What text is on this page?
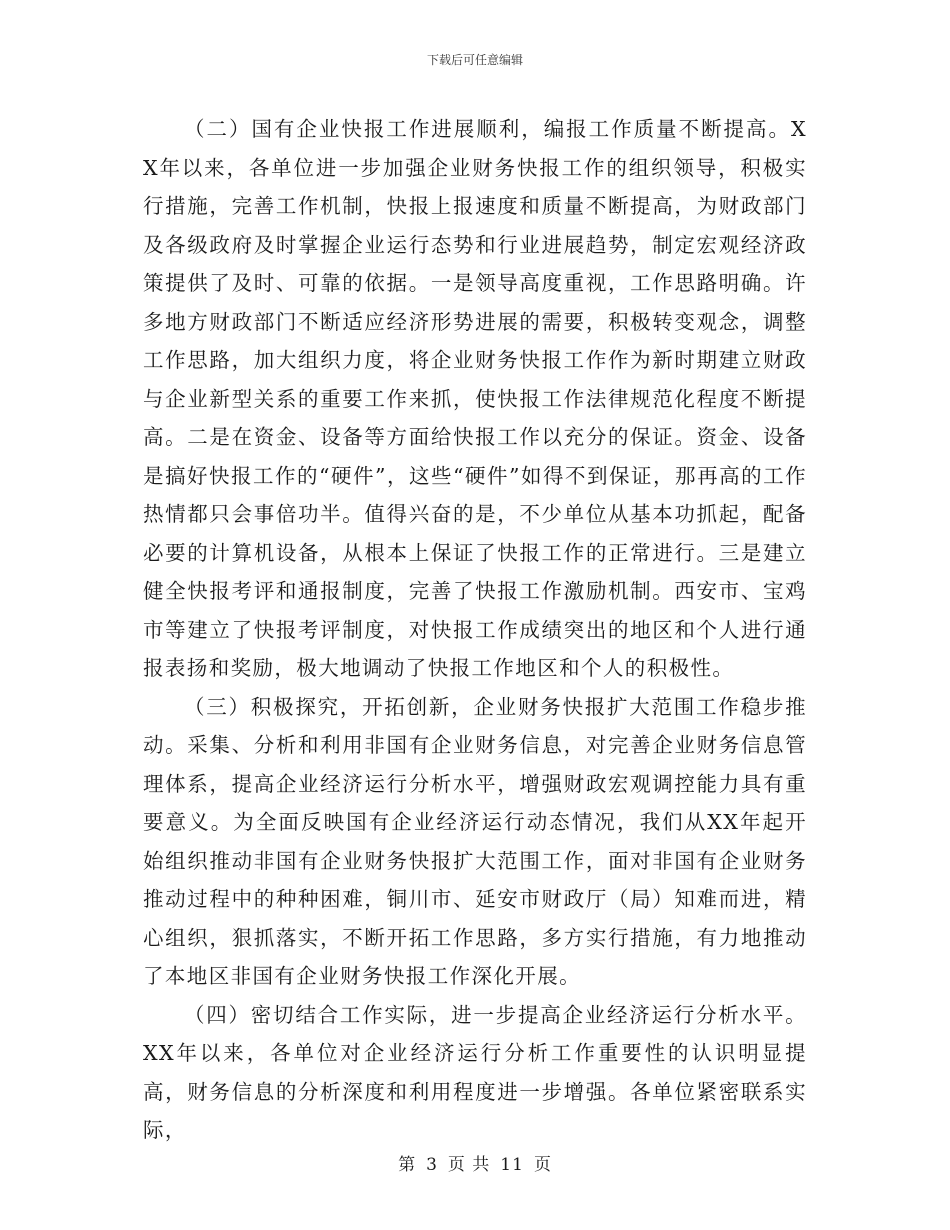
下载后可任意编辑

（二）国有企业快报工作进展顺利，编报工作质量不断提高。XX年以来，各单位进一步加强企业财务快报工作的组织领导，积极实行措施，完善工作机制，快报上报速度和质量不断提高，为财政部门及各级政府及时掌握企业运行态势和行业进展趋势，制定宏观经济政策提供了及时、可靠的依据。一是领导高度重视，工作思路明确。许多地方财政部门不断适应经济形势进展的需要，积极转变观念，调整工作思路，加大组织力度，将企业财务快报工作作为新时期建立财政与企业新型关系的重要工作来抓，使快报工作法律规范化程度不断提高。二是在资金、设备等方面给快报工作以充分的保证。资金、设备是搞好快报工作的“硬件”，这些“硬件”如得不到保证，那再高的工作热情都只会事倍功半。值得兴奋的是，不少单位从基本功抓起，配备必要的计算机设备，从根本上保证了快报工作的正常进行。三是建立健全快报考评和通报制度，完善了快报工作激励机制。西安市、宝鸡市等建立了快报考评制度，对快报工作成绩突出的地区和个人进行通报表扬和奖励，极大地调动了快报工作地区和个人的积极性。

（三）积极探究，开拓创新，企业财务快报扩大范围工作稳步推动。采集、分析和利用非国有企业财务信息，对完善企业财务信息管理体系，提高企业经济运行分析水平，增强财政宏观调控能力具有重要意义。为全面反映国有企业经济运行动态情况，我们从XX年起开始组织推动非国有企业财务快报扩大范围工作，面对非国有企业财务推动过程中的种种困难，铜川市、延安市财政厅（局）知难而进，精心组织，狠抓落实，不断开拓工作思路，多方实行措施，有力地推动了本地区非国有企业财务快报工作深化开展。

（四）密切结合工作实际，进一步提高企业经济运行分析水平。XX年以来，各单位对企业经济运行分析工作重要性的认识明显提高，财务信息的分析深度和利用程度进一步增强。各单位紧密联系实际，

第 3 页 共 11 页
